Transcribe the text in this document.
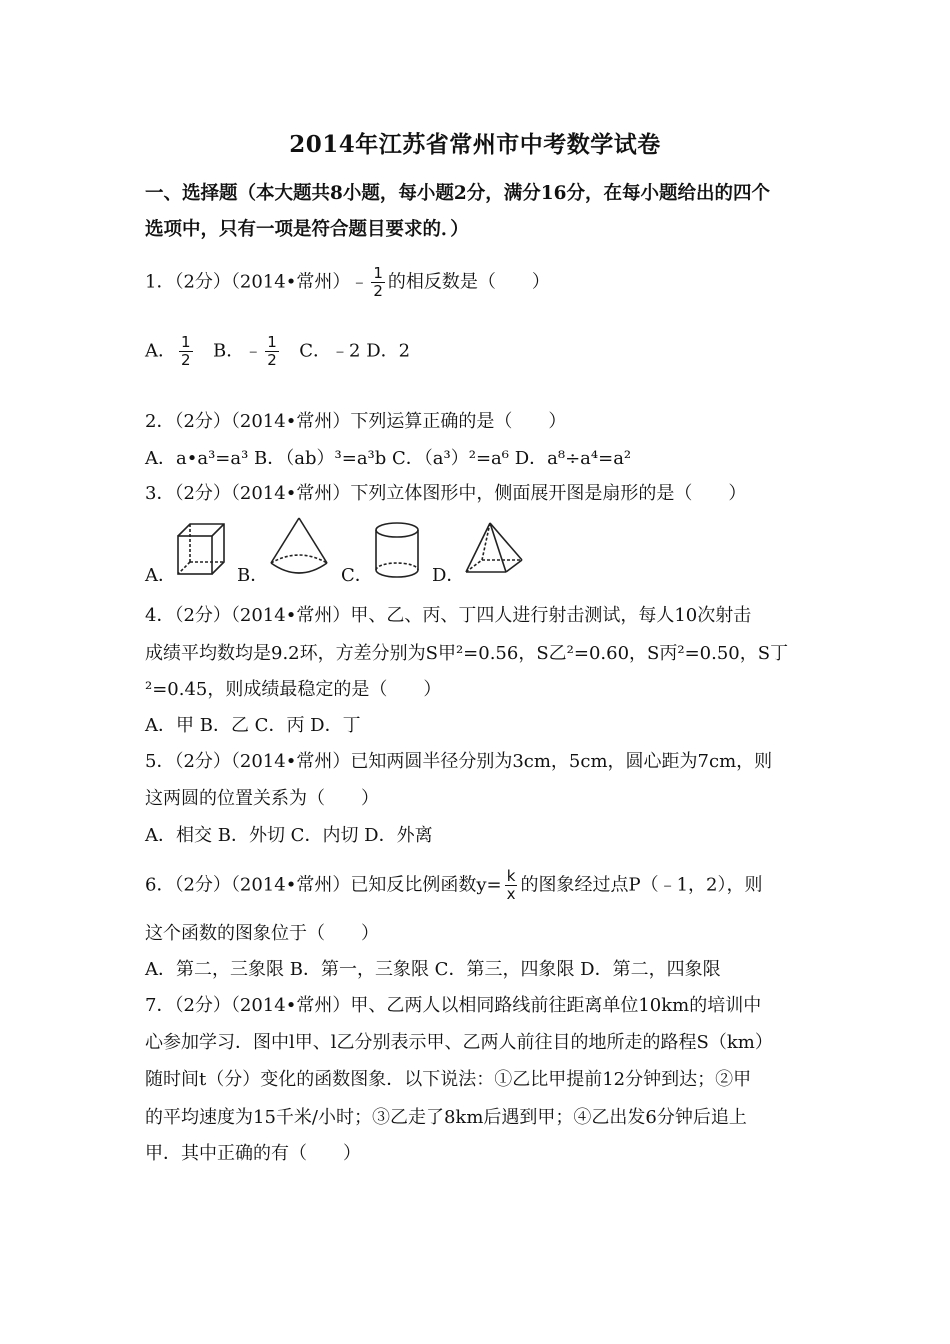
2014年江苏省常州市中考数学试卷
一、选择题（本大题共8小题，每小题2分，满分16分，在每小题给出的四个
选项中，只有一项是符合题目要求的．）
1．（2分）（2014•常州）﹣ $\frac{1}{2}$ 的相反数是（　　）
A． $\frac{1}{2}$ B．﹣ $\frac{1}{2}$ C．﹣2 D．2
2．（2分）（2014•常州）下列运算正确的是（　　）
A．a•a³=a³ B．（ab）³=a³b C．（a³）²=a⁶ D．a⁸÷a⁴=a²
3．（2分）（2014•常州）下列立体图形中，侧面展开图是扇形的是（　　）
A．	B．	C．	D．
4．（2分）（2014•常州）甲、乙、丙、丁四人进行射击测试，每人10次射击
成绩平均数均是9.2环，方差分别为S甲²=0.56，S乙²=0.60，S丙²=0.50，S丁
²=0.45，则成绩最稳定的是（　　）
A．甲 B．乙 C．丙 D．丁
5．（2分）（2014•常州）已知两圆半径分别为3cm，5cm，圆心距为7cm，则
这两圆的位置关系为（　　）
A．相交 B．外切 C．内切 D．外离
6．（2分）（2014•常州）已知反比例函数$y= \frac{k}{x}$ 的图象经过点P（﹣1，2），则
这个函数的图象位于（　　）
A．第二，三象限 B．第一，三象限 C．第三，四象限 D．第二，四象限
7．（2分）（2014•常州）甲、乙两人以相同路线前往距离单位10km的培训中
心参加学习．图中l甲、l乙分别表示甲、乙两人前往目的地所走的路程S（km）
随时间t（分）变化的函数图象．以下说法：①乙比甲提前12分钟到达；②甲
的平均速度为15千米/小时；③乙走了8km后遇到甲；④乙出发6分钟后追上
甲．其中正确的有（　　）
